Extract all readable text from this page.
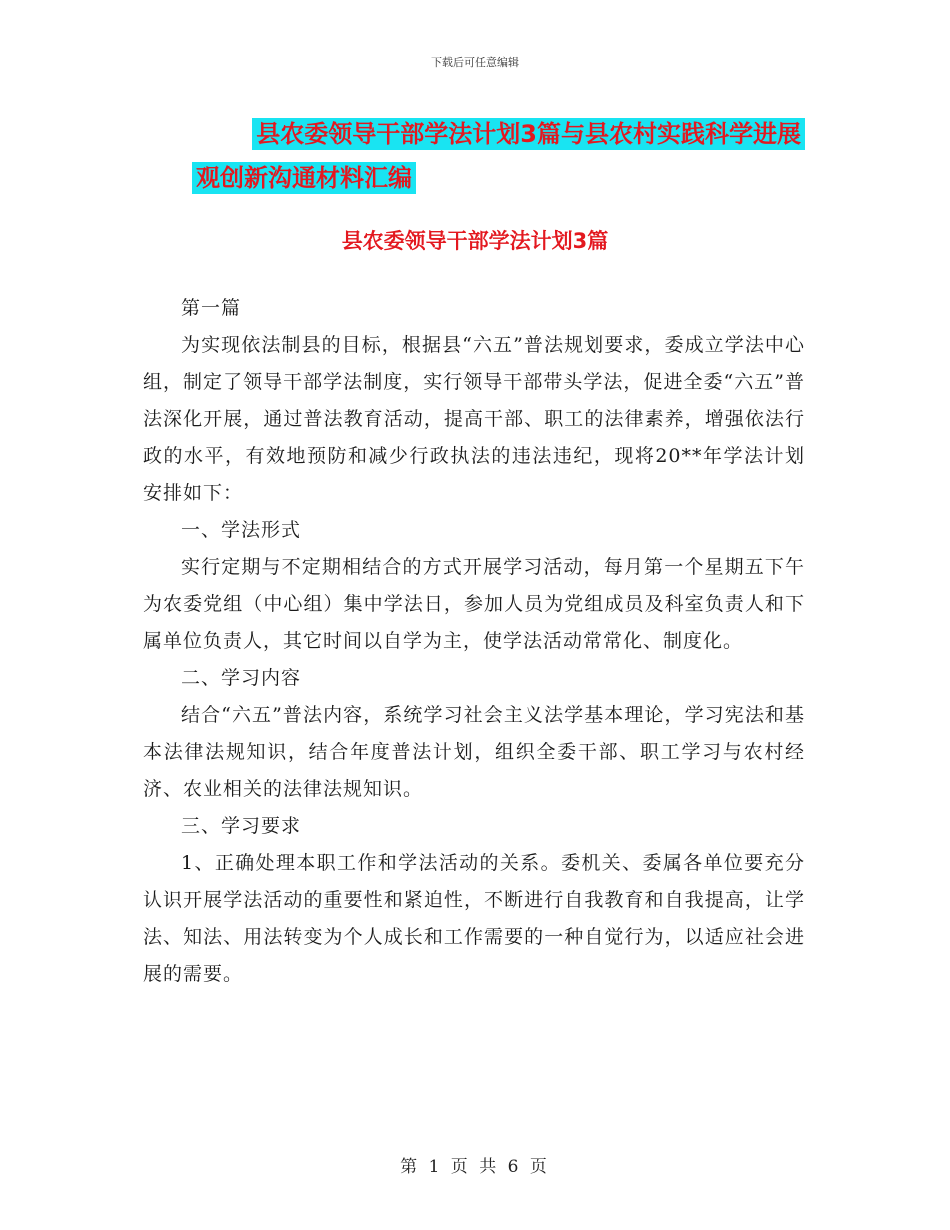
下载后可任意编辑
县农委领导干部学法计划3篇与县农村实践科学进展
观创新沟通材料汇编
县农委领导干部学法计划3篇

第一篇

为实现依法制县的目标，根据县“六五”普法规划要求，委成立学法中心组，制定了领导干部学法制度，实行领导干部带头学法，促进全委“六五”普法深化开展，通过普法教育活动，提高干部、职工的法律素养，增强依法行政的水平，有效地预防和减少行政执法的违法违纪，现将20**年学法计划安排如下：

一、学法形式

实行定期与不定期相结合的方式开展学习活动，每月第一个星期五下午为农委党组（中心组）集中学法日，参加人员为党组成员及科室负责人和下属单位负责人，其它时间以自学为主，使学法活动常常化、制度化。

二、学习内容

结合“六五”普法内容，系统学习社会主义法学基本理论，学习宪法和基本法律法规知识，结合年度普法计划，组织全委干部、职工学习与农村经济、农业相关的法律法规知识。

三、学习要求

1、正确处理本职工作和学法活动的关系。委机关、委属各单位要充分认识开展学法活动的重要性和紧迫性，不断进行自我教育和自我提高，让学法、知法、用法转变为个人成长和工作需要的一种自觉行为，以适应社会进展的需要。

第 1 页 共 6 页
